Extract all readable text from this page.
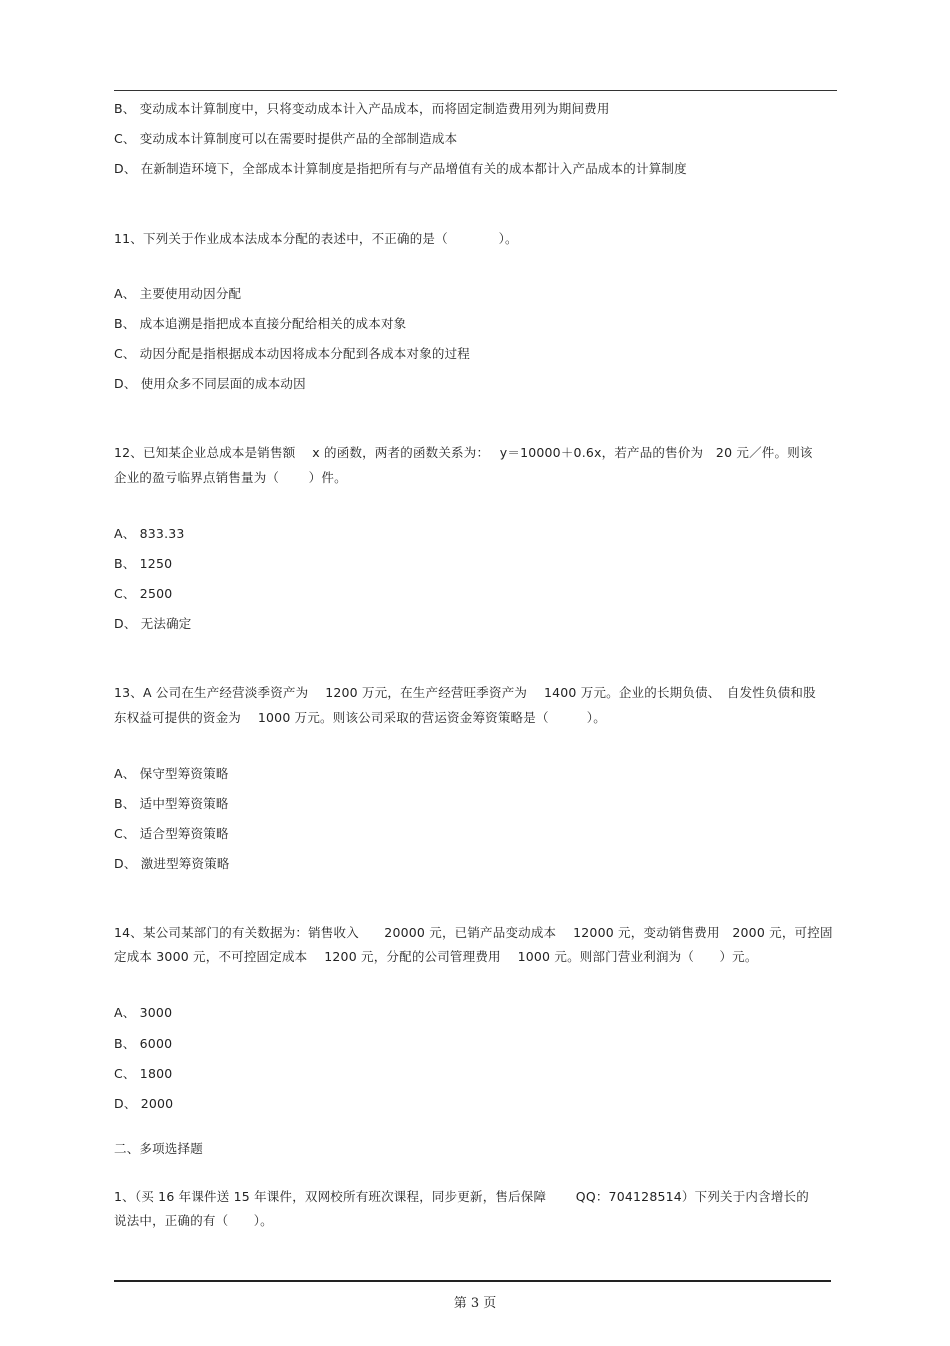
B、 变动成本计算制度中，只将变动成本计入产品成本，而将固定制造费用列为期间费用
C、 变动成本计算制度可以在需要时提供产品的全部制造成本
D、 在新制造环境下，全部成本计算制度是指把所有与产品增值有关的成本都计入产品成本的计算制度
11、下列关于作业成本法成本分配的表述中，不正确的是（　　　　）。
A、 主要使用动因分配
B、 成本追溯是指把成本直接分配给相关的成本对象
C、 动因分配是指根据成本动因将成本分配到各成本对象的过程
D、 使用众多不同层面的成本动因
12、已知某企业总成本是销售额　 x 的函数，两者的函数关系为：　 y＝10000＋0.6x，若产品的售价为　20 元／件。则该
企业的盈亏临界点销售量为（　　 ）件。
A、 833.33
B、 1250
C、 2500
D、 无法确定
13、A 公司在生产经营淡季资产为　 1200 万元，在生产经营旺季资产为　 1400 万元。企业的长期负债、　自发性负债和股
东权益可提供的资金为　 1000 万元。则该公司采取的营运资金筹资策略是（　　　）。
A、 保守型筹资策略
B、 适中型筹资策略
C、 适合型筹资策略
D、 激进型筹资策略
14、某公司某部门的有关数据为：销售收入　　20000 元，已销产品变动成本　 12000 元，变动销售费用　2000 元，可控固
定成本 3000 元，不可控固定成本　 1200 元，分配的公司管理费用　 1000 元。则部门营业利润为（　　）元。
A、 3000
B、 6000
C、 1800
D、 2000
二、多项选择题
1、（买 16 年课件送 15 年课件，双网校所有班次课程，同步更新，售后保障　　 QQ：704128514）下列关于内含增长的
说法中，正确的有（　　）。
第 3 页
